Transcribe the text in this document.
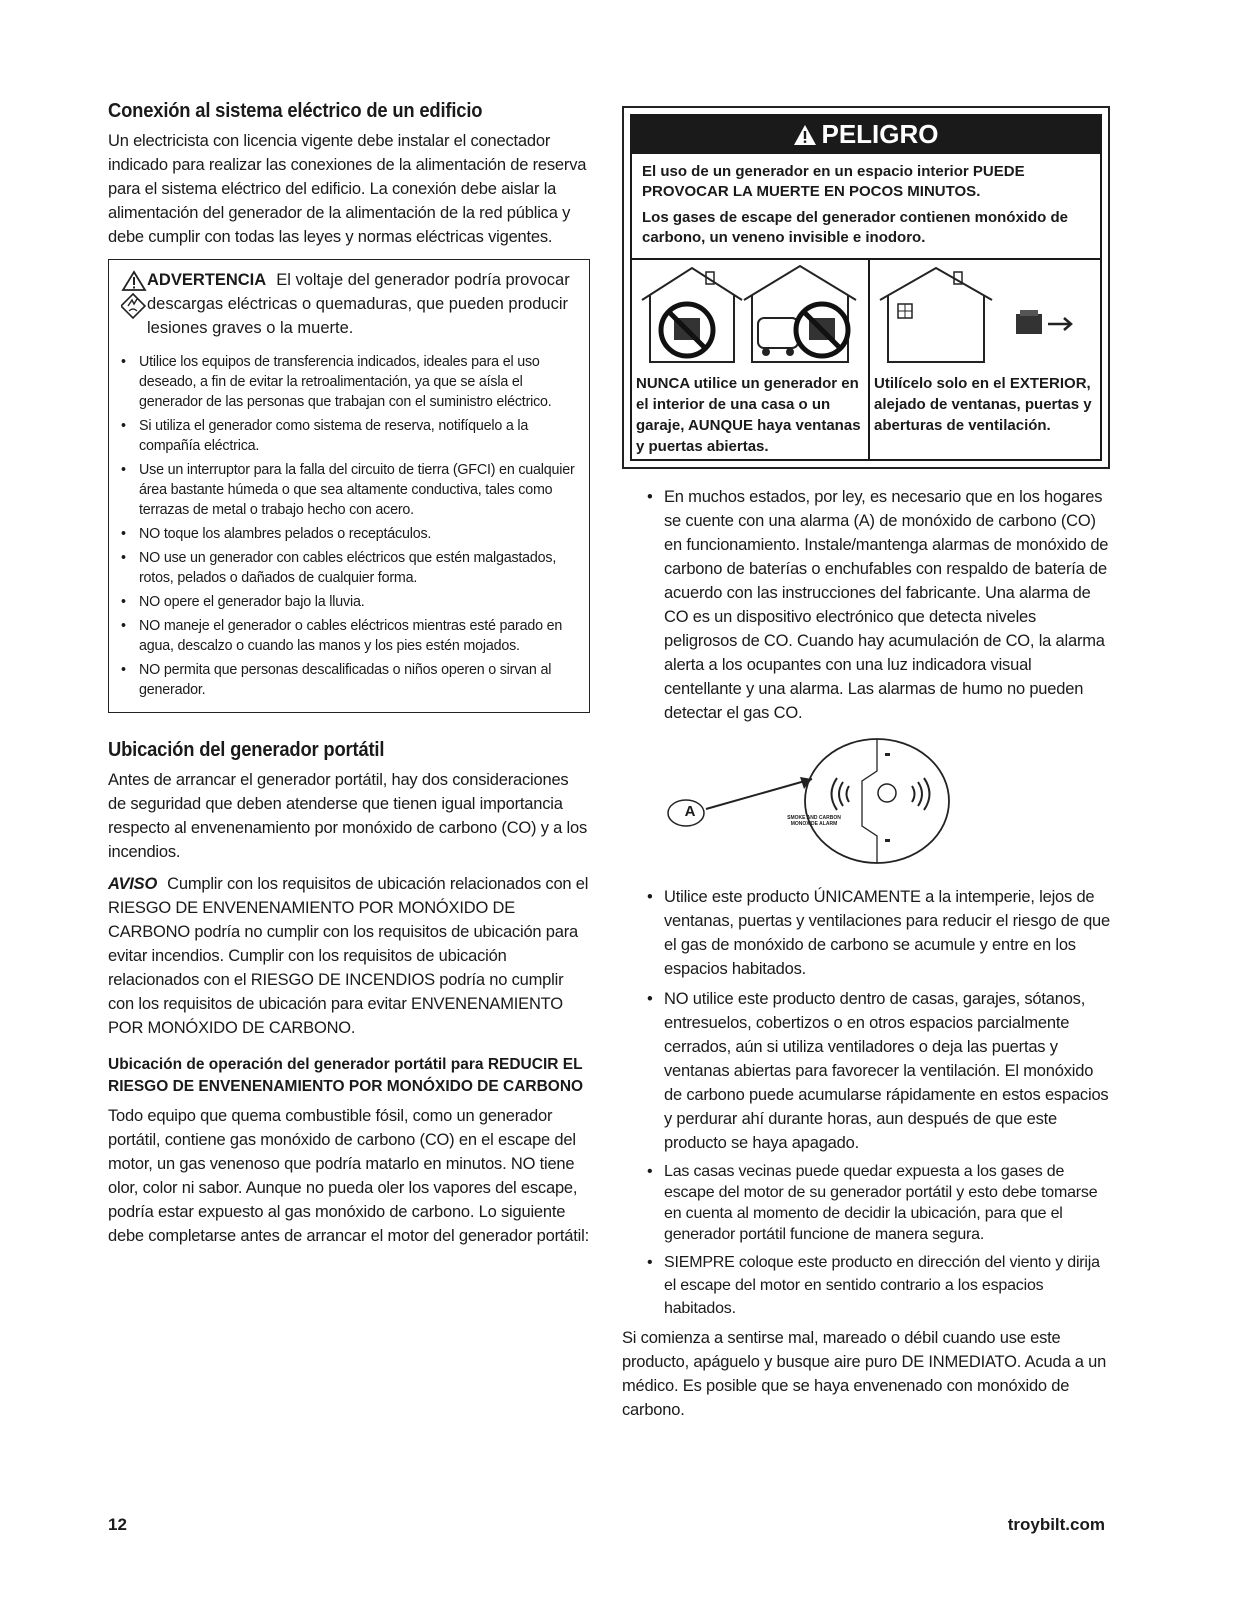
Conexión al sistema eléctrico de un edificio

Un electricista con licencia vigente debe instalar el conectador indicado para realizar las conexiones de la alimentación de reserva para el sistema eléctrico del edificio. La conexión debe aislar la alimentación del generador de la alimentación de la red pública y debe cumplir con todas las leyes y normas eléctricas vigentes.

ADVERTENCIA El voltaje del generador podría provocar descargas eléctricas o quemaduras, que pueden producir lesiones graves o la muerte.
• Utilice los equipos de transferencia indicados, ideales para el uso deseado, a fin de evitar la retroalimentación, ya que se aísla el generador de las personas que trabajan con el suministro eléctrico.
• Si utiliza el generador como sistema de reserva, notifíquelo a la compañía eléctrica.
• Use un interruptor para la falla del circuito de tierra (GFCI) en cualquier área bastante húmeda o que sea altamente conductiva, tales como terrazas de metal o trabajo hecho con acero.
• NO toque los alambres pelados o receptáculos.
• NO use un generador con cables eléctricos que estén malgastados, rotos, pelados o dañados de cualquier forma.
• NO opere el generador bajo la lluvia.
• NO maneje el generador o cables eléctricos mientras esté parado en agua, descalzo o cuando las manos y los pies estén mojados.
• NO permita que personas descalificadas o niños operen o sirvan al generador.
Ubicación del generador portátil

Antes de arrancar el generador portátil, hay dos consideraciones de seguridad que deben atenderse que tienen igual importancia respecto al envenenamiento por monóxido de carbono (CO) y a los incendios.

AVISO Cumplir con los requisitos de ubicación relacionados con el RIESGO DE ENVENENAMIENTO POR MONÓXIDO DE CARBONO podría no cumplir con los requisitos de ubicación para evitar incendios. Cumplir con los requisitos de ubicación relacionados con el RIESGO DE INCENDIOS podría no cumplir con los requisitos de ubicación para evitar ENVENENAMIENTO POR MONÓXIDO DE CARBONO.

Ubicación de operación del generador portátil para REDUCIR EL RIESGO DE ENVENENAMIENTO POR MONÓXIDO DE CARBONO

Todo equipo que quema combustible fósil, como un generador portátil, contiene gas monóxido de carbono (CO) en el escape del motor, un gas venenoso que podría matarlo en minutos. NO tiene olor, color ni sabor. Aunque no pueda oler los vapores del escape, podría estar expuesto al gas monóxido de carbono. Lo siguiente debe completarse antes de arrancar el motor del generador portátil:

PELIGRO

El uso de un generador en un espacio interior PUEDE PROVOCAR LA MUERTE EN POCOS MINUTOS.

Los gases de escape del generador contienen monóxido de carbono, un veneno invisible e inodoro.

NUNCA utilice un generador en el interior de una casa o un garaje, AUNQUE haya ventanas y puertas abiertas.
Utilícelo solo en el EXTERIOR, alejado de ventanas, puertas y aberturas de ventilación.
• En muchos estados, por ley, es necesario que en los hogares se cuente con una alarma (A) de monóxido de carbono (CO) en funcionamiento. Instale/mantenga alarmas de monóxido de carbono de baterías o enchufables con respaldo de batería de acuerdo con las instrucciones del fabricante. Una alarma de CO es un dispositivo electrónico que detecta niveles peligrosos de CO. Cuando hay acumulación de CO, la alarma alerta a los ocupantes con una luz indicadora visual centellante y una alarma. Las alarmas de humo no pueden detectar el gas CO.
A	SMOKE AND CARBON MONOXIDE ALARM
• Utilice este producto ÚNICAMENTE a la intemperie, lejos de ventanas, puertas y ventilaciones para reducir el riesgo de que el gas de monóxido de carbono se acumule y entre en los espacios habitados.
• NO utilice este producto dentro de casas, garajes, sótanos, entresuelos, cobertizos o en otros espacios parcialmente cerrados, aún si utiliza ventiladores o deja las puertas y ventanas abiertas para favorecer la ventilación. El monóxido de carbono puede acumularse rápidamente en estos espacios y perdurar ahí durante horas, aun después de que este producto se haya apagado.
• Las casas vecinas puede quedar expuesta a los gases de escape del motor de su generador portátil y esto debe tomarse en cuenta al momento de decidir la ubicación, para que el generador portátil funcione de manera segura.
• SIEMPRE coloque este producto en dirección del viento y dirija el escape del motor en sentido contrario a los espacios habitados.

Si comienza a sentirse mal, mareado o débil cuando use este producto, apáguelo y busque aire puro DE INMEDIATO. Acuda a un médico. Es posible que se haya envenenado con monóxido de carbono.

12	troybilt.com
